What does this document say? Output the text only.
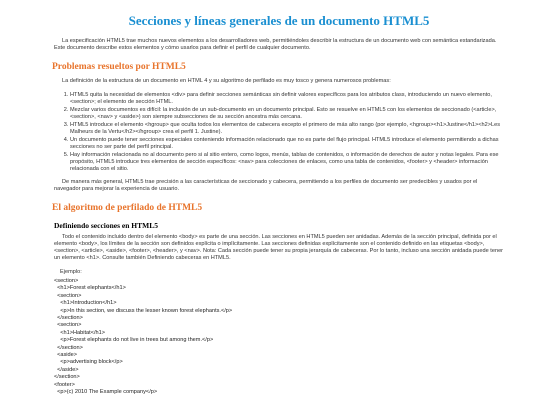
Secciones y líneas generales de un documento HTML5

La especificación HTML5 trae muchos nuevos elementos a los desarrolladores web, permitiéndoles describir la estructura de un documento web con semántica estandarizada. Este documento describe estos elementos y cómo usarlos para definir el perfil de cualquier documento.

Problemas resueltos por HTML5

La definición de la estructura de un documento en HTML 4 y su algoritmo de perfilado es muy tosco y genera numerosos problemas:

1. HTML5 quita la necesidad de elementos <div> para definir secciones semánticas sin definir valores específicos para los atributos class, introduciendo un nuevo elemento, <section>; el elemento de sección HTML.
2. Mezclar varios documentos es difícil: la inclusión de un sub-documento en un documento principal. Esto se resuelve en HTML5 con los elementos de seccionado (<article>, <section>, <nav> y <aside>) son siempre subsecciones de su sección ancestra más cercana.
3. HTML5 introduce el elemento <hgroup> que oculta todos los elementos de cabecera excepto el primero de más alto rango (por ejemplo, <hgroup><h1>Justine</h1><h2>Les Malheurs de la Vertu</h2></hgroup> crea el perfil 1. Justine).
4. Un documento puede tener secciones especiales conteniendo información relacionado que no es parte del flujo principal. HTML5 introduce el elemento permitiendo a dichas secciones no ser parte del perfil principal.
5. Hay información relacionada no al documento pero si al sitio entero, como logos, menús, tablas de contenidos, o información de derechos de autor y notas legales. Para ese propósito, HTML5 introduce tres elementos de sección específicos: <nav> para colecciones de enlaces, como una tabla de contenidos, <footer> y <header> información relacionada con el sitio.

De manera más general, HTML5 trae precisión a las características de seccionado y cabecera, permitiendo a los perfiles de documento ser predecibles y usados por el navegador para mejorar la experiencia de usuario.

El algoritmo de perfilado de HTML5
Definiendo secciones en HTML5

Todo el contenido incluido dentro del elemento <body> es parte de una sección. Las secciones en HTML5 pueden ser anidadas. Además de la sección principal, definida por el elemento <body>, los límites de la sección son definidos explícita o implícitamente. Las secciones definidas explícitamente son el contenido definido en las etiquetas <body>, <section>, <article>, <aside>, <footer>, <header>, y <nav>. Nota: Cada sección puede tener su propia jerarquía de cabeceras. Por lo tanto, incluso una sección anidada puede tener un elemento <h1>. Consulte también Definiendo cabeceras en HTML5.

Ejemplo:
<section>
<h1>Forest elephants</h1>
<section>
<h1>Introduction</h1>
<p>In this section, we discuss the lesser known forest elephants.</p>
</section>
<section>
<h1>Habitat</h1>
<p>Forest elephants do not live in trees but among them.</p>
</section>
<aside>
<p>advertising block</p>
</aside>
</section>
<footer>
<p>(c) 2010 The Example company</p>
